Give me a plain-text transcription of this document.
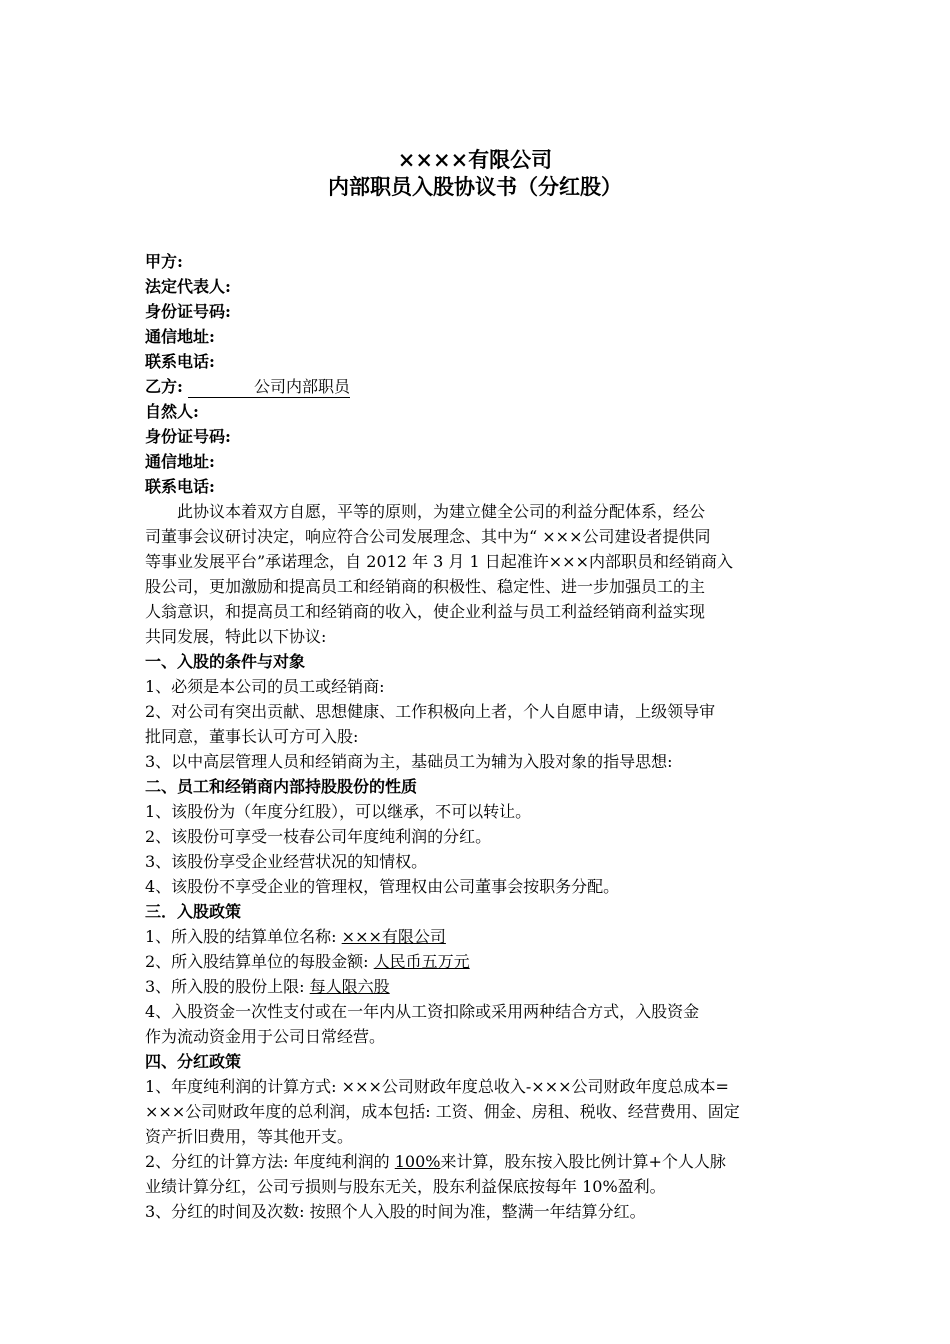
××××有限公司
内部职员入股协议书（分红股）
甲方:
法定代表人:
身份证号码:
通信地址:
联系电话:
乙方:	公司内部职员
自然人:
身份证号码:
通信地址:
联系电话:
此协议本着双方自愿，平等的原则，为建立健全公司的利益分配体系，经公
司董事会议研讨决定，响应符合公司发展理念、其中为“ ×××公司建设者提供同
等事业发展平台”承诺理念，自 2012 年 3 月 1 日起准许×××内部职员和经销商入
股公司，更加激励和提高员工和经销商的积极性、稳定性、进一步加强员工的主
人翁意识，和提高员工和经销商的收入，使企业利益与员工利益经销商利益实现
共同发展，特此以下协议:
一、入股的条件与对象
1、必须是本公司的员工或经销商:
2、对公司有突出贡献、思想健康、工作积极向上者，个人自愿申请，上级领导审
批同意，董事长认可方可入股:
3、以中高层管理人员和经销商为主，基础员工为辅为入股对象的指导思想:
二、员工和经销商内部持股股份的性质
1、该股份为（年度分红股），可以继承，不可以转让。
2、该股份可享受一枝春公司年度纯利润的分红。
3、该股份享受企业经营状况的知情权。
4、该股份不享受企业的管理权，管理权由公司董事会按职务分配。
三．入股政策
1、所入股的结算单位名称: ×××有限公司
2、所入股结算单位的每股金额: 人民币五万元
3、所入股的股份上限: 每人限六股
4、入股资金一次性支付或在一年内从工资扣除或采用两种结合方式，入股资金
作为流动资金用于公司日常经营。
四、分红政策
1、年度纯利润的计算方式: ×××公司财政年度总收入-×××公司财政年度总成本=
×××公司财政年度的总利润，成本包括: 工资、佣金、房租、税收、经营费用、固定
资产折旧费用，等其他开支。
2、分红的计算方法: 年度纯利润的 100%来计算，股东按入股比例计算+个人人脉
业绩计算分红，公司亏损则与股东无关，股东利益保底按每年 10%盈利。
3、分红的时间及次数: 按照个人入股的时间为准，整满一年结算分红。
